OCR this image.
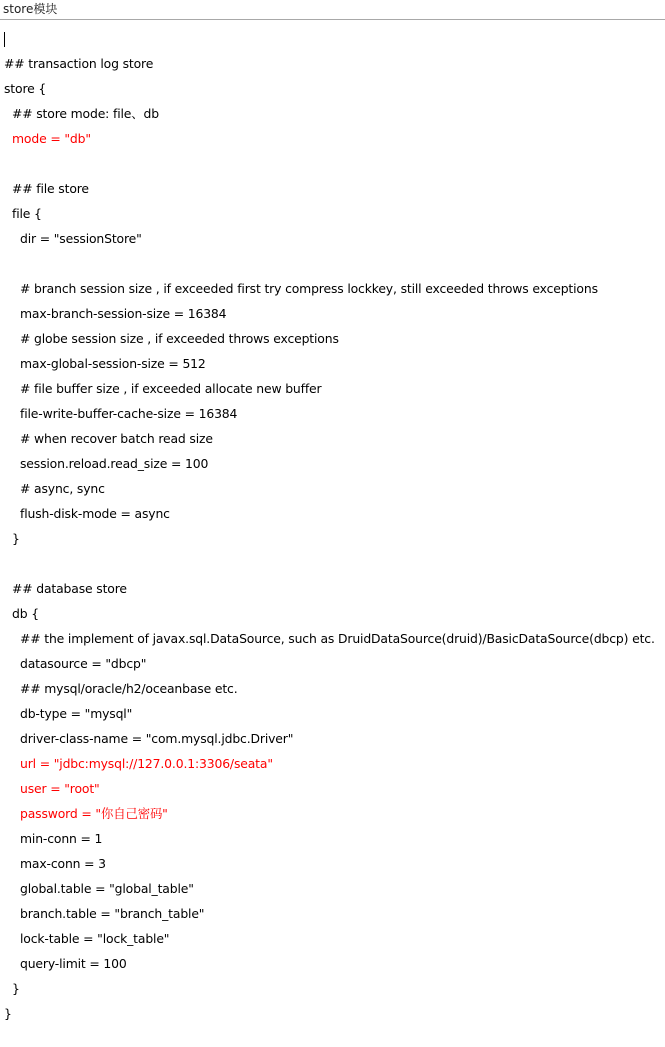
store模块
## transaction log store
store {
## store mode: file、db
mode = "db"
## file store
file {
dir = "sessionStore"
# branch session size , if exceeded first try compress lockkey, still exceeded throws exceptions
max-branch-session-size = 16384
# globe session size , if exceeded throws exceptions
max-global-session-size = 512
# file buffer size , if exceeded allocate new buffer
file-write-buffer-cache-size = 16384
# when recover batch read size
session.reload.read_size = 100
# async, sync
flush-disk-mode = async
}
## database store
db {
## the implement of javax.sql.DataSource, such as DruidDataSource(druid)/BasicDataSource(dbcp) etc.
datasource = "dbcp"
## mysql/oracle/h2/oceanbase etc.
db-type = "mysql"
driver-class-name = "com.mysql.jdbc.Driver"
url = "jdbc:mysql://127.0.0.1:3306/seata"
user = "root"
password = "你自己密码"
min-conn = 1
max-conn = 3
global.table = "global_table"
branch.table = "branch_table"
lock-table = "lock_table"
query-limit = 100
}
}
